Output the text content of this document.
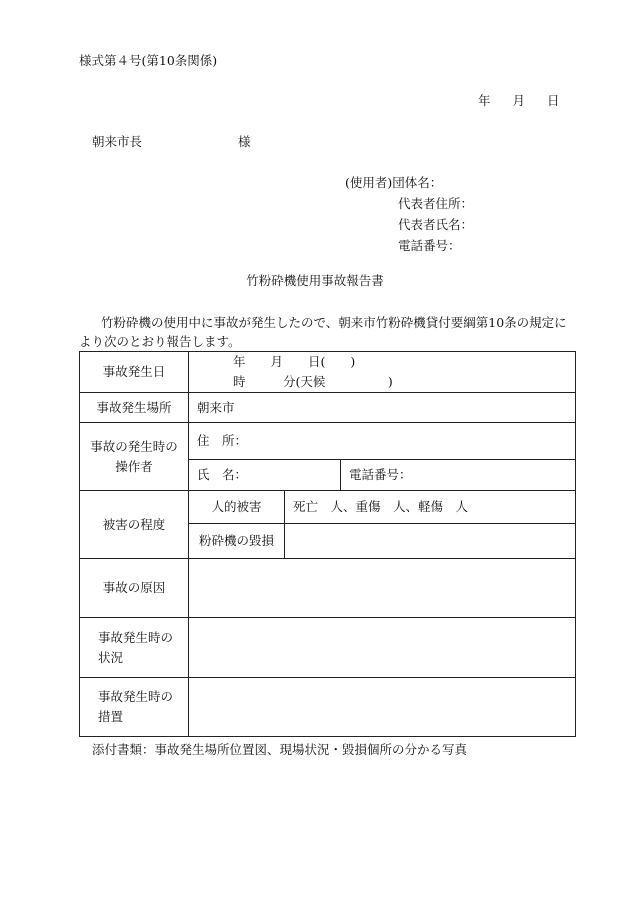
様式第４号(第10条関係)
年 月 日
朝来市長	様
(使用者)団体名：
代表者住所：
代表者氏名：
電話番号：
竹粉砕機使用事故報告書
竹粉砕機の使用中に事故が発生したので、朝来市竹粉砕機貸付要綱第10条の規定により次のとおり報告します。
事故発生日	年　　月　　日(　　)
時　　　分(天候　　　　　)		

事故発生場所	朝来市		
事故の発生時の操作者	住　所：		
	氏　名：		電話番号：
被害の程度	人的被害	死亡　人、重傷　人、軽傷　人	
	粉砕機の毀損		
事故の原因			
事故発生時の状況			
事故発生時の措置			
添付書類：事故発生場所位置図、現場状況・毀損個所の分かる写真
